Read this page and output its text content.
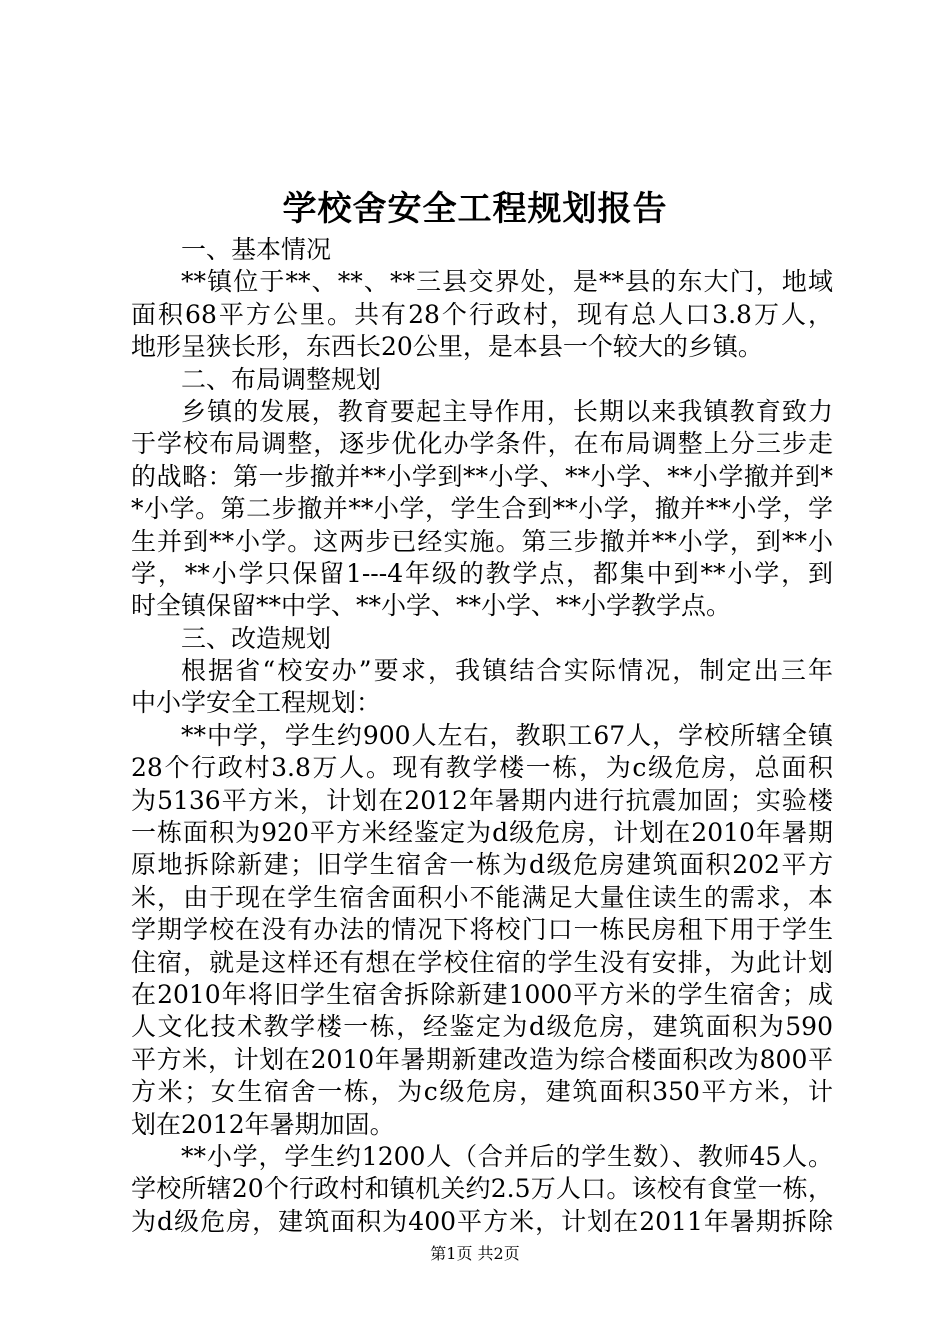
学校舍安全工程规划报告
一、基本情况
**镇位于**、**、**三县交界处，是**县的东大门，地域
面积68平方公里。共有28个行政村，现有总人口3.8万人，
地形呈狭长形，东西长20公里，是本县一个较大的乡镇。
二、布局调整规划
乡镇的发展，教育要起主导作用，长期以来我镇教育致力
于学校布局调整，逐步优化办学条件，在布局调整上分三步走
的战略：第一步撤并**小学到**小学、**小学、**小学撤并到*
*小学。第二步撤并**小学，学生合到**小学，撤并**小学，学
生并到**小学。这两步已经实施。第三步撤并**小学，到**小
学，**小学只保留1---4年级的教学点，都集中到**小学，到
时全镇保留**中学、**小学、**小学、**小学教学点。
三、改造规划
根据省“校安办”要求，我镇结合实际情况，制定出三年
中小学安全工程规划：
**中学，学生约900人左右，教职工67人，学校所辖全镇
28个行政村3.8万人。现有教学楼一栋，为c级危房，总面积
为5136平方米，计划在2012年暑期内进行抗震加固；实验楼
一栋面积为920平方米经鉴定为d级危房，计划在2010年暑期
原地拆除新建；旧学生宿舍一栋为d级危房建筑面积202平方
米，由于现在学生宿舍面积小不能满足大量住读生的需求，本
学期学校在没有办法的情况下将校门口一栋民房租下用于学生
住宿，就是这样还有想在学校住宿的学生没有安排，为此计划
在2010年将旧学生宿舍拆除新建1000平方米的学生宿舍；成
人文化技术教学楼一栋，经鉴定为d级危房，建筑面积为590
平方米，计划在2010年暑期新建改造为综合楼面积改为800平
方米；女生宿舍一栋，为c级危房，建筑面积350平方米，计
划在2012年暑期加固。
**小学，学生约1200人（合并后的学生数）、教师45人。
学校所辖20个行政村和镇机关约2.5万人口。该校有食堂一栋，
为d级危房，建筑面积为400平方米，计划在2011年暑期拆除
第1页 共2页
